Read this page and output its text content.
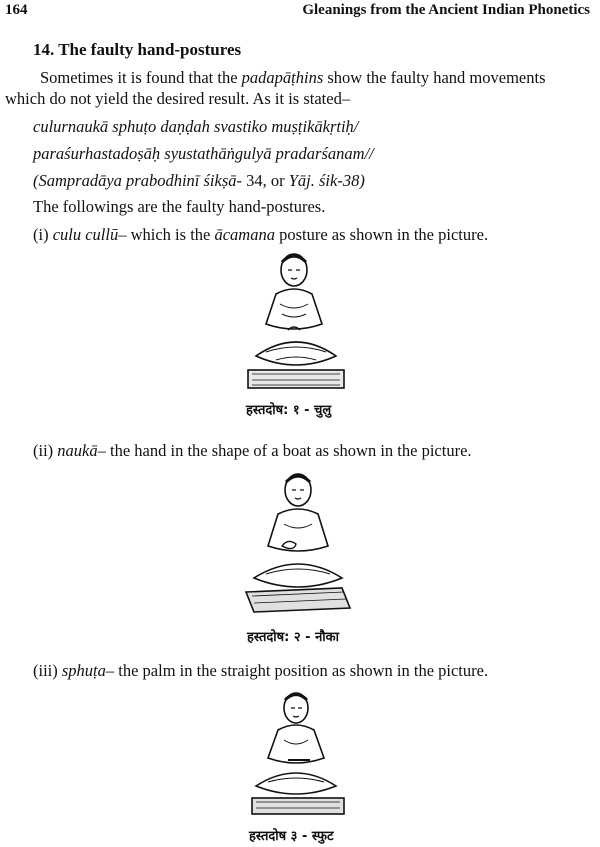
164	Gleanings from the Ancient Indian Phonetics
14. The faulty hand-postures
Sometimes it is found that the padapāṭhins show the faulty hand movements
which do not yield the desired result. As it is stated–
culurnaukā sphuṭo daṇḍah svastiko muṣṭikākṛtiḥ/
paraśurhastadoṣāḥ syustathāṅgulyā pradarśanam//
(Sampradāya prabodhinī śikṣā- 34, or Yāj. śik-38)
The followings are the faulty hand-postures.
(i) culu cullū– which is the ācamana posture as shown in the picture.
हस्तदोष: १ - चुलु
(ii) naukā– the hand in the shape of a boat as shown in the picture.
हस्तदोष: २ - नौका
(iii) sphuṭa– the palm in the straight position as shown in the picture.
हस्तदोष ३ - स्फुट
